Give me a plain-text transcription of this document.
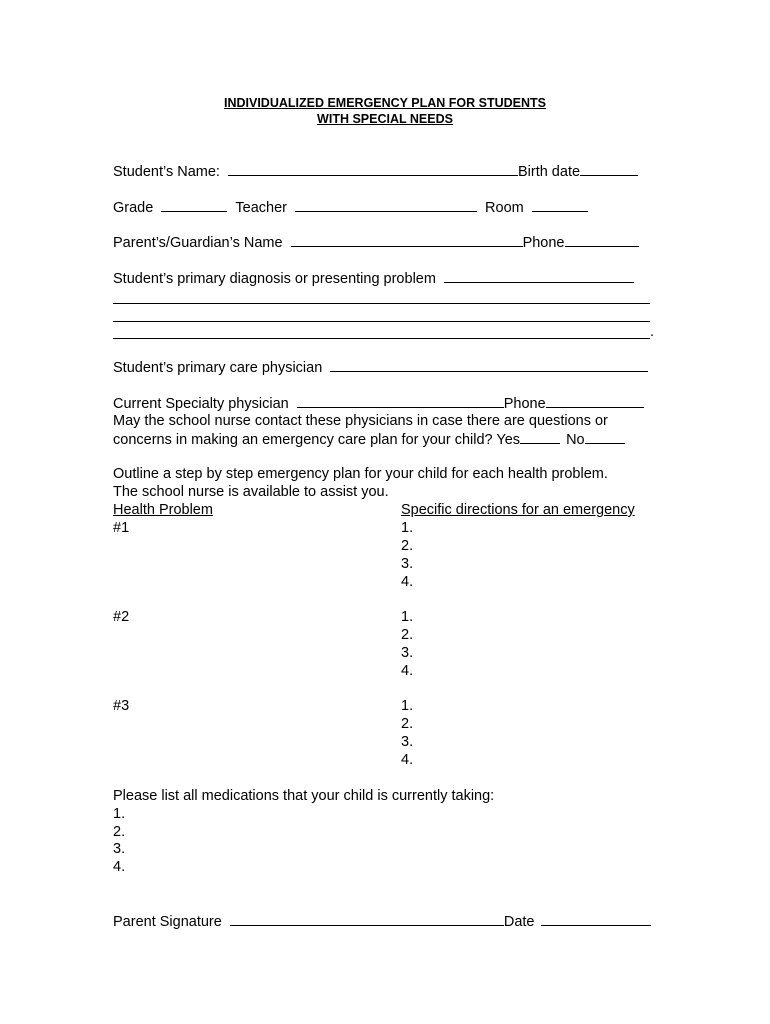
INDIVIDUALIZED EMERGENCY PLAN FOR STUDENTS
WITH SPECIAL NEEDS
Student’s Name:	Birth date
Grade	Teacher	Room
Parent’s/Guardian’s Name	Phone
Student’s primary diagnosis or presenting problem
.
Student’s primary care physician
Current Specialty physician	Phone
May the school nurse contact these physicians in case there are questions or
concerns in making an emergency care plan for your child? Yes	No
Outline a step by step emergency plan for your child for each health problem.
The school nurse is available to assist you.
Health Problem	Specific directions for an emergency
#1	1.
2.
3.
4.
#2	1.
2.
3.
4.
#3	1.
2.
3.
4.
Please list all medications that your child is currently taking:
1.
2.
3.
4.
Parent Signature	Date
